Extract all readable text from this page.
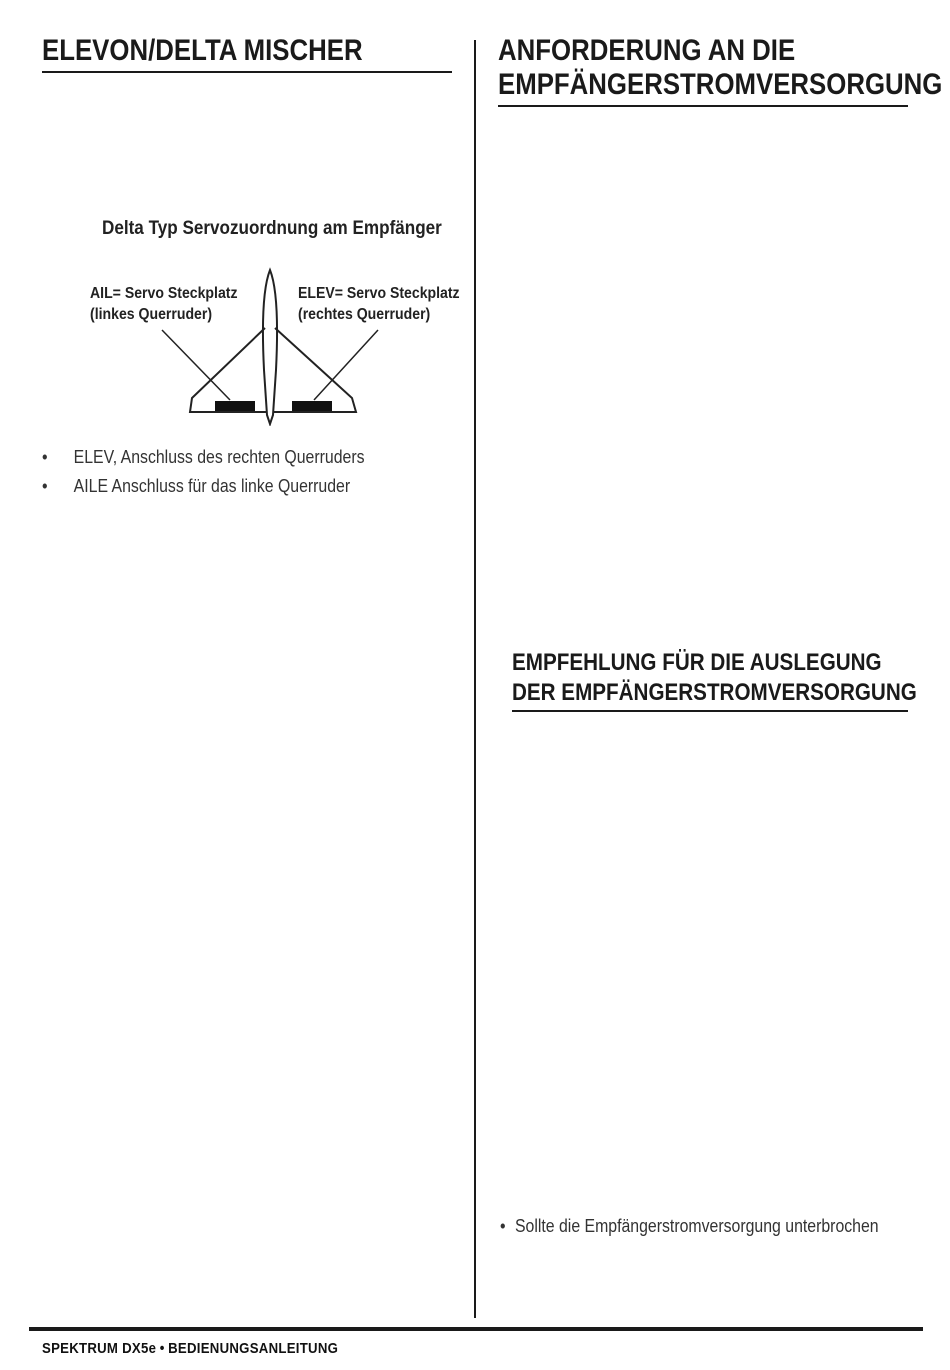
ELEVON/DELTA MISCHER
Delta Typ Servozuordnung am Empfänger
AIL= Servo Steckplatz
(linkes Querruder)
ELEV= Servo Steckplatz
(rechtes Querruder)
• ELEV, Anschluss des rechten Querruders
• AILE Anschluss für das linke Querruder
ANFORDERUNG AN DIE
EMPFÄNGERSTROMVERSORGUNG
EMPFEHLUNG FÜR DIE AUSLEGUNG
DER EMPFÄNGERSTROMVERSORGUNG
• Sollte die Empfängerstromversorgung unterbrochen
SPEKTRUM DX5e • BEDIENUNGSANLEITUNG
